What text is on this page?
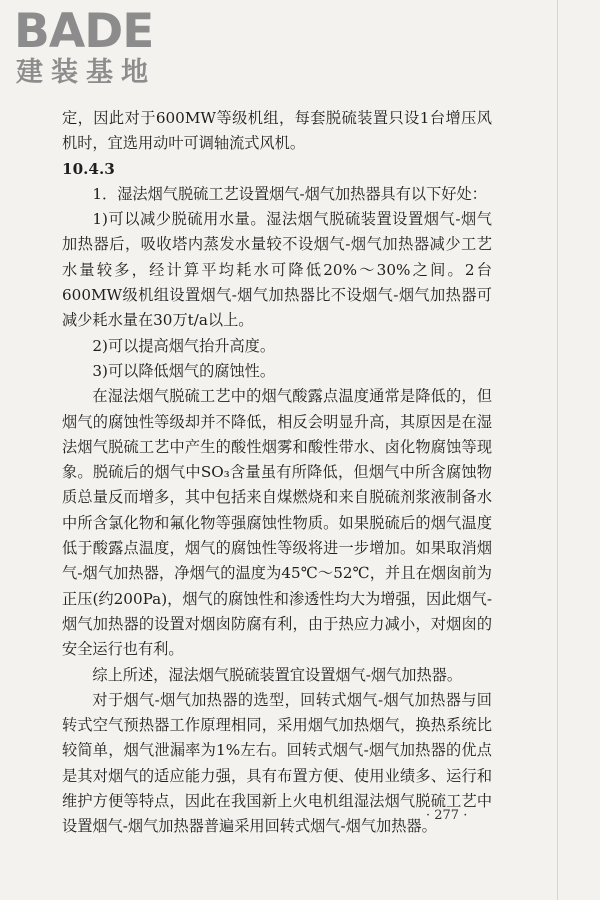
BADE
建装基地

定，因此对于600MW等级机组，每套脱硫装置只设1台增压风机时，宜选用动叶可调轴流式风机。

10.4.3

1．湿法烟气脱硫工艺设置烟气-烟气加热器具有以下好处：

1)可以减少脱硫用水量。湿法烟气脱硫装置设置烟气-烟气加热器后，吸收塔内蒸发水量较不设烟气-烟气加热器减少工艺水量较多，经计算平均耗水可降低20%～30%之间。2台600MW级机组设置烟气-烟气加热器比不设烟气-烟气加热器可减少耗水量在30万t/a以上。

2)可以提高烟气抬升高度。

3)可以降低烟气的腐蚀性。

在湿法烟气脱硫工艺中的烟气酸露点温度通常是降低的，但烟气的腐蚀性等级却并不降低，相反会明显升高，其原因是在湿法烟气脱硫工艺中产生的酸性烟雾和酸性带水、卤化物腐蚀等现象。脱硫后的烟气中SO₃含量虽有所降低，但烟气中所含腐蚀物质总量反而增多，其中包括来自煤燃烧和来自脱硫剂浆液制备水中所含氯化物和氟化物等强腐蚀性物质。如果脱硫后的烟气温度低于酸露点温度，烟气的腐蚀性等级将进一步增加。如果取消烟气-烟气加热器，净烟气的温度为45℃～52℃，并且在烟囱前为正压(约200Pa)，烟气的腐蚀性和渗透性均大为增强，因此烟气-烟气加热器的设置对烟囱防腐有利，由于热应力减小，对烟囱的安全运行也有利。

综上所述，湿法烟气脱硫装置宜设置烟气-烟气加热器。

对于烟气-烟气加热器的选型，回转式烟气-烟气加热器与回转式空气预热器工作原理相同，采用烟气加热烟气，换热系统比较简单，烟气泄漏率为1%左右。回转式烟气-烟气加热器的优点是其对烟气的适应能力强，具有布置方便、使用业绩多、运行和维护方便等特点，因此在我国新上火电机组湿法烟气脱硫工艺中设置烟气-烟气加热器普遍采用回转式烟气-烟气加热器。

· 277 ·
